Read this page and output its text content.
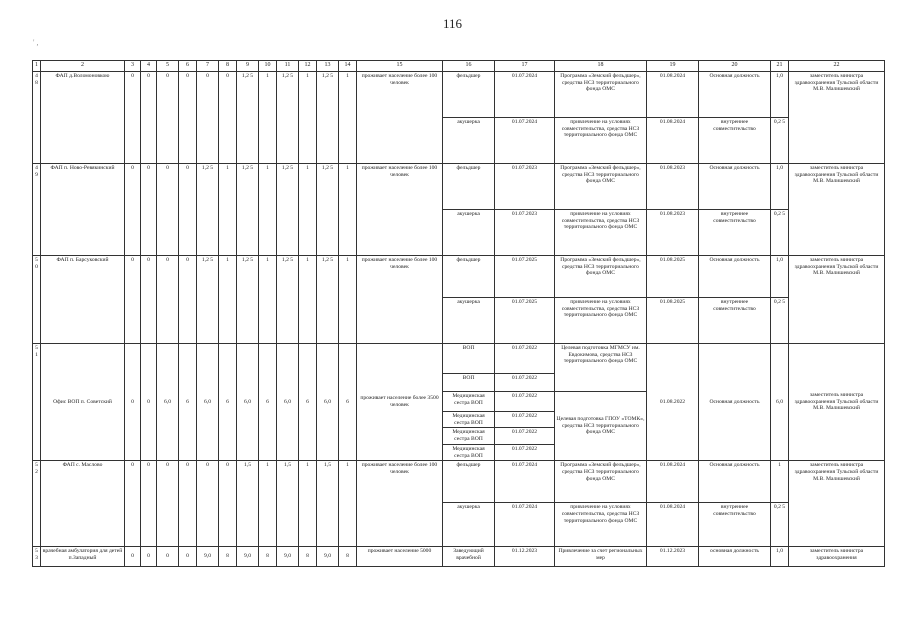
116
' ,
1	2	3	4	5	6	7	8	9	10	11	12	13	14	15	16	17	18	19	20	21	22
4 8	ФАП д.Воломоновкою	0	0	0	0	0	0	1,2 5	1	1,2 5	1	1,2 5	1	проживает население более 100 человек	фельдшер	01.07.2024	Программа «Земский фельдшер», средства НСЗ территориального фонда ОМС	01.08.2024	Основная должность	1,0	заместитель министра здравоохранения Тульской области М.В. Малишевский
															акушерка	01.07.2024	привлечение на условиях совместительства, средства НСЗ территориального фонда ОМС	01.08.2024	внутреннее совместительство	0,2 5	
4 9	ФАП п. Ново-Ревякинский	0	0	0	0	1,2 5	1	1,2 5	1	1,2 5	1	1,2 5	1	проживает население более 100 человек	фельдшер	01.07.2023	Программа «Земский фельдшер», средства НСЗ территориального фонда ОМС	01.08.2023	Основная должность	1,0	заместитель министра здравоохранения Тульской области М.В. Малишевский
															акушерка	01.07.2023	привлечение на условиях совместительства, средства НСЗ территориального фонда ОМС	01.08.2023	внутреннее совместительство	0,2 5	
5 0	ФАП п. Барсуковский	0	0	0	0	1,2 5	1	1,2 5	1	1,2 5	1	1,2 5	1	проживает население более 100 человек	фельдшер	01.07.2025	Программа «Земский фельдшер», средства НСЗ территориального фонда ОМС	01.08.2025	Основная должность	1,0	заместитель министра здравоохранения Тульской области М.В. Малишевский
															акушерка	01.07.2025	привлечение на условиях совместительства, средства НСЗ территориального фонда ОМС	01.08.2025	внутреннее совместительство	0,2 5	
5 1	Офис ВОП п. Советский	0	0	6,0	6	6,0	6	6,0	6	6,0	6	6,0	6	проживает население более 3500 человек	ВОП	01.07.2022	Целевая подготовка МГМСУ им. Евдокимова, средства НСЗ территориального фонда ОМС	01.08.2022	Основная должность	6,0	заместитель министра здравоохранения Тульской области М.В. Малишевский
															ВОП	01.07.2022					
															Медицинская сестра ВОП	01.07.2022	Целевая подготовка ГПОУ «ТОМК», средства НСЗ территориального фонда ОМС				
															Медицинская сестра ВОП	01.07.2022					
															Медицинская сестра ВОП	01.07.2022					
															Медицинская сестра ВОП	01.07.2022					
5 2	ФАП с. Маслово	0	0	0	0	0	0	1,5	1	1,5	1	1,5	1	проживает население более 100 человек	фельдшер	01.07.2024	Программа «Земский фельдшер», средства НСЗ территориального фонда ОМС	01.08.2024	Основная должность	1	заместитель министра здравоохранения Тульской области М.В. Малишевский
															акушерка	01.07.2024	привлечение на условиях совместительства, средства НСЗ территориального фонда ОМС	01.08.2024	внутреннее совместительство	0,2 5	
5 3	врачебная амбулатория для детей п.Западный	0	0	0	0	9,0	8	9,0	8	9,0	8	9,0	8	проживает население 5000	Заведующий врачебной	01.12.2023	Привлечение за счет региональных мер	01.12.2023	основная должность	1,0	заместитель министра здравоохранения
